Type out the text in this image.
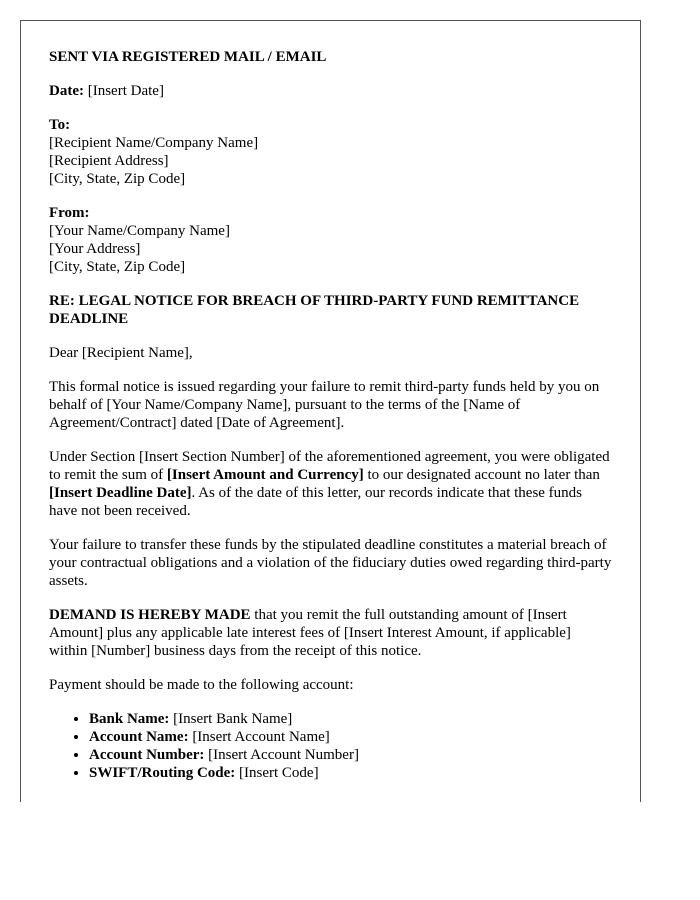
SENT VIA REGISTERED MAIL / EMAIL

Date: [Insert Date]

To:
[Recipient Name/Company Name]
[Recipient Address]
[City, State, Zip Code]
From:
[Your Name/Company Name]
[Your Address]
[City, State, Zip Code]

RE: LEGAL NOTICE FOR BREACH OF THIRD-PARTY FUND REMITTANCE DEADLINE

Dear [Recipient Name],

This formal notice is issued regarding your failure to remit third-party funds held by you on behalf of [Your Name/Company Name], pursuant to the terms of the [Name of Agreement/Contract] dated [Date of Agreement].

Under Section [Insert Section Number] of the aforementioned agreement, you were obligated to remit the sum of [Insert Amount and Currency] to our designated account no later than [Insert Deadline Date]. As of the date of this letter, our records indicate that these funds have not been received.

Your failure to transfer these funds by the stipulated deadline constitutes a material breach of your contractual obligations and a violation of the fiduciary duties owed regarding third-party assets.

DEMAND IS HEREBY MADE that you remit the full outstanding amount of [Insert Amount] plus any applicable late interest fees of [Insert Interest Amount, if applicable] within [Number] business days from the receipt of this notice.

Payment should be made to the following account:

• Bank Name: [Insert Bank Name]
• Account Name: [Insert Account Name]
• Account Number: [Insert Account Number]
• SWIFT/Routing Code: [Insert Code]
